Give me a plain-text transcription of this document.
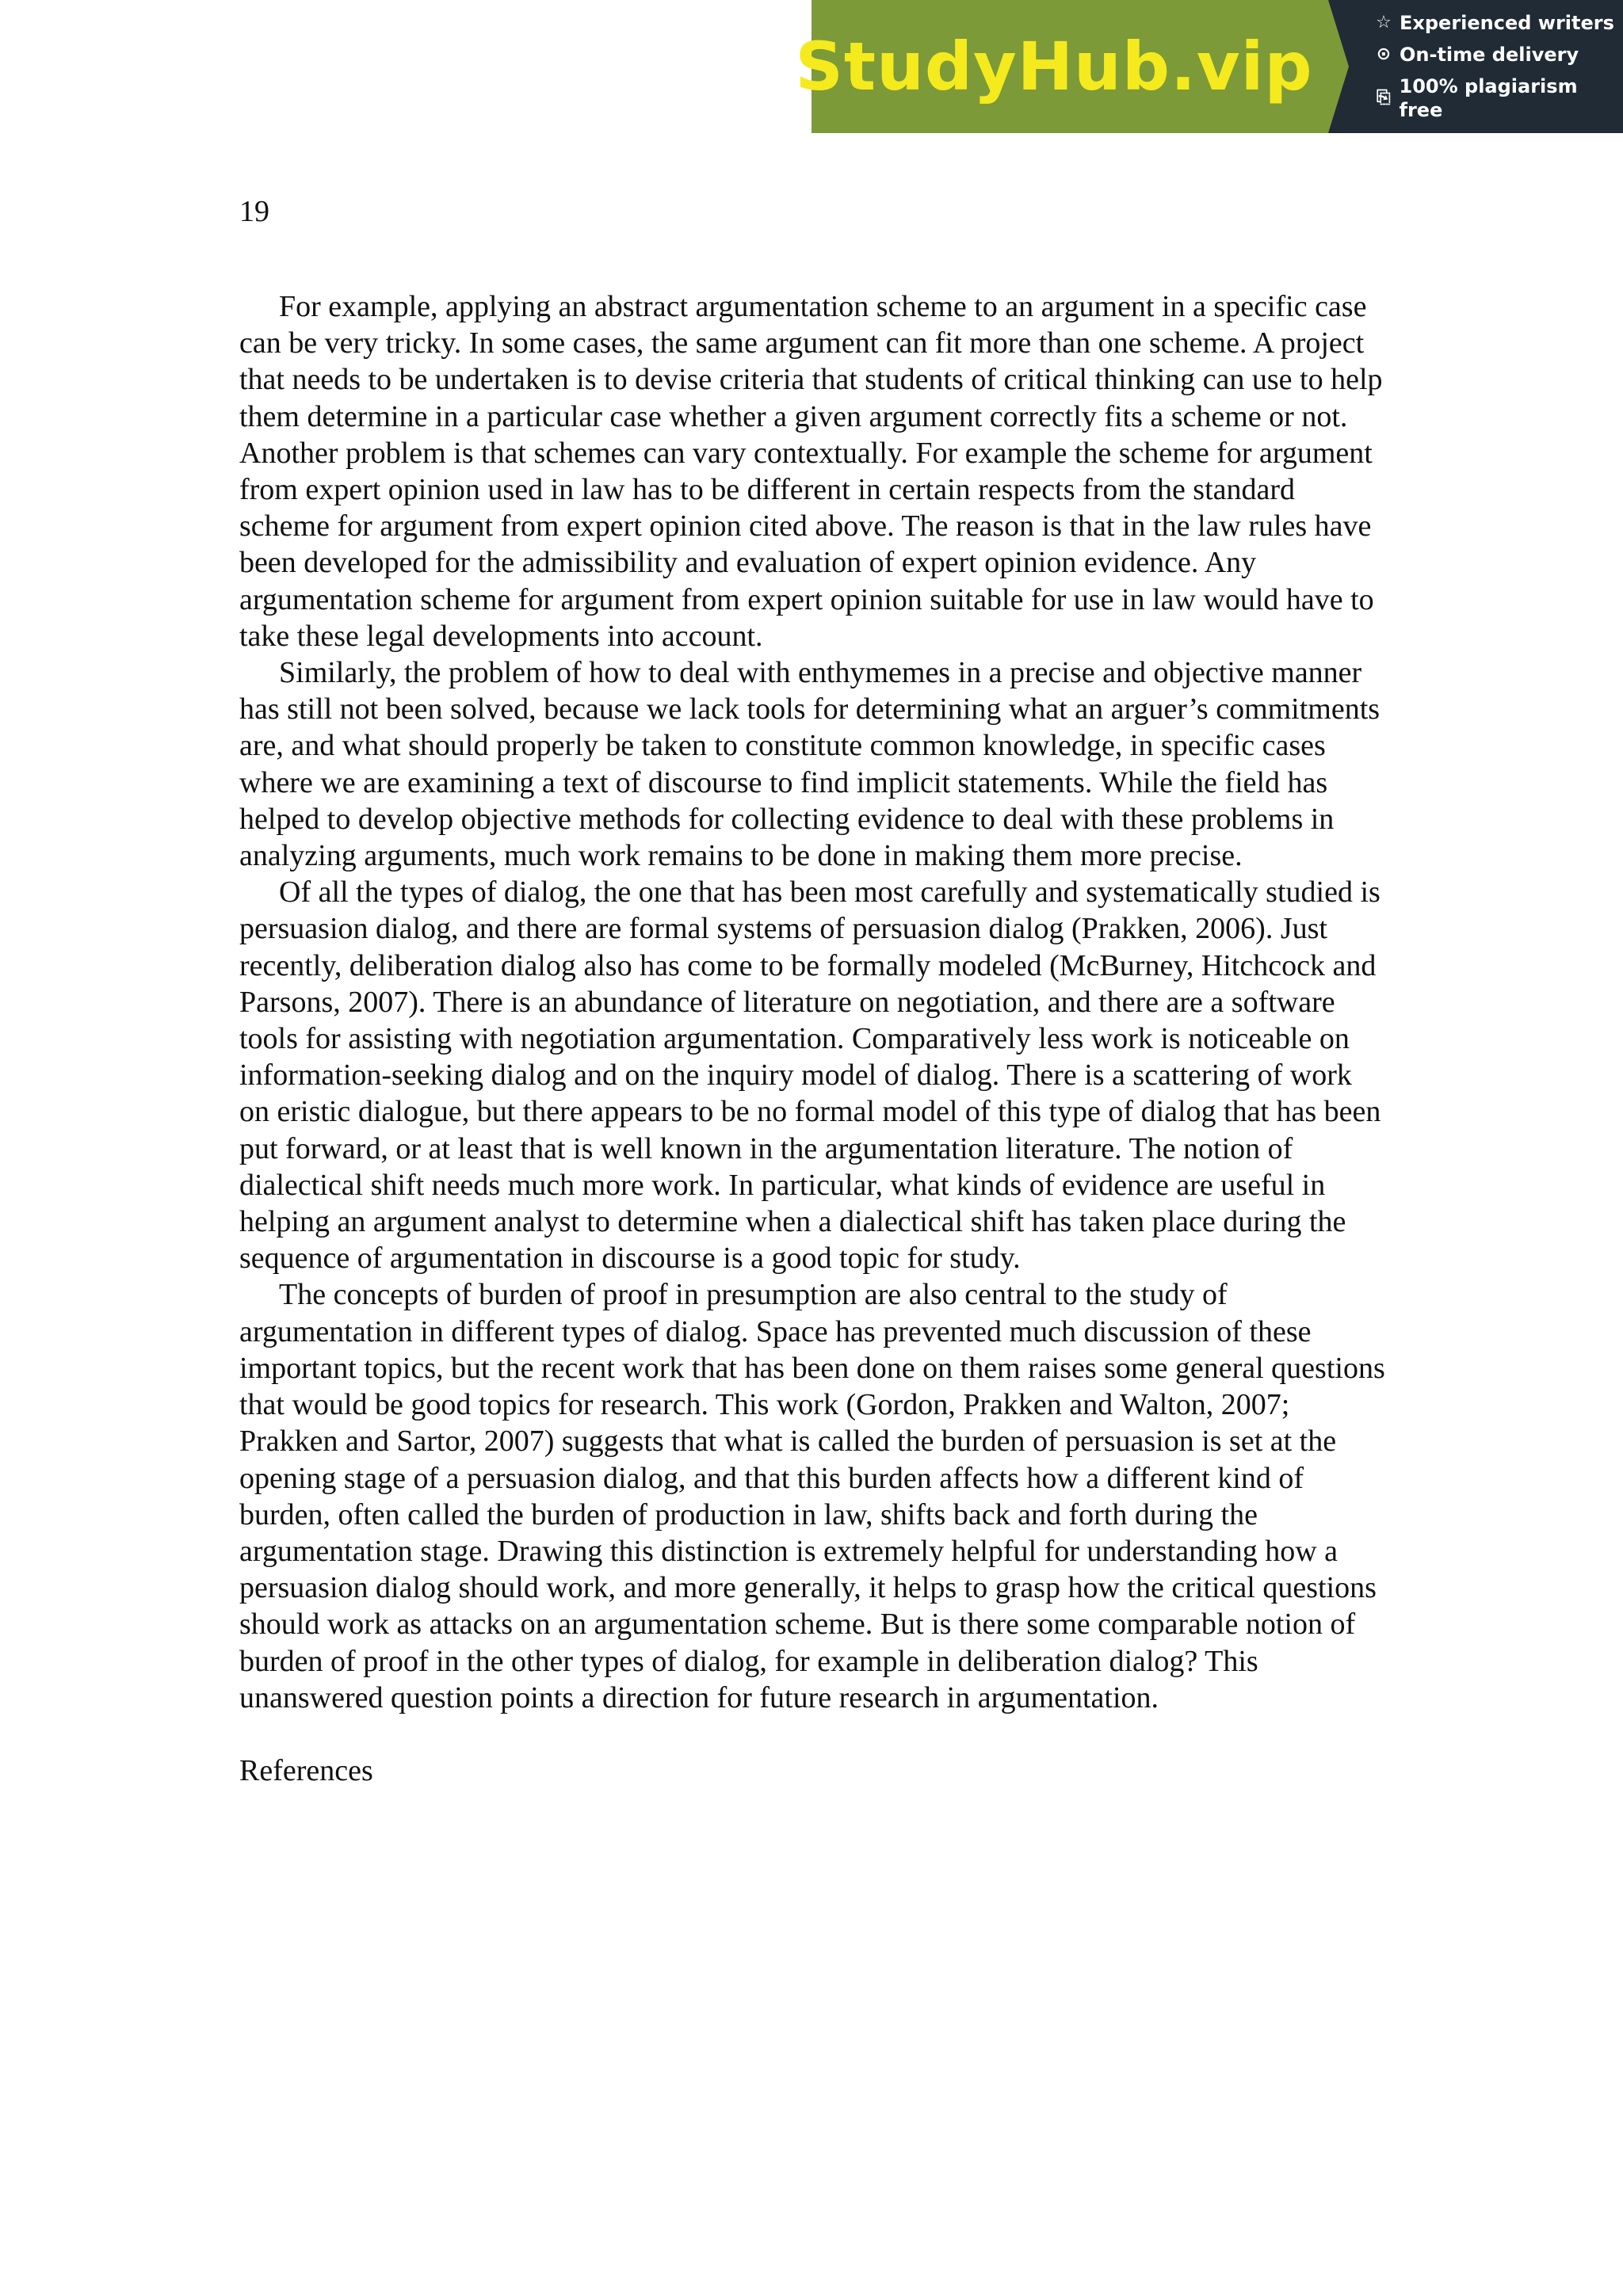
StudyHub.vip
☆ Experienced writers
⊙ On-time delivery
⎘
100% plagiarism free
19

For example, applying an abstract argumentation scheme to an argument in a specific case can be very tricky. In some cases, the same argument can fit more than one scheme. A project that needs to be undertaken is to devise criteria that students of critical thinking can use to help them determine in a particular case whether a given argument correctly fits a scheme or not. Another problem is that schemes can vary contextually. For example the scheme for argument from expert opinion used in law has to be different in certain respects from the standard scheme for argument from expert opinion cited above. The reason is that in the law rules have been developed for the admissibility and evaluation of expert opinion evidence. Any argumentation scheme for argument from expert opinion suitable for use in law would have to take these legal developments into account.

Similarly, the problem of how to deal with enthymemes in a precise and objective manner has still not been solved, because we lack tools for determining what an arguer’s commitments are, and what should properly be taken to constitute common knowledge, in specific cases where we are examining a text of discourse to find implicit statements. While the field has helped to develop objective methods for collecting evidence to deal with these problems in analyzing arguments, much work remains to be done in making them more precise.

Of all the types of dialog, the one that has been most carefully and systematically studied is persuasion dialog, and there are formal systems of persuasion dialog (Prakken, 2006). Just recently, deliberation dialog also has come to be formally modeled (McBurney, Hitchcock and Parsons, 2007). There is an abundance of literature on negotiation, and there are a software tools for assisting with negotiation argumentation. Comparatively less work is noticeable on information-seeking dialog and on the inquiry model of dialog. There is a scattering of work on eristic dialogue, but there appears to be no formal model of this type of dialog that has been put forward, or at least that is well known in the argumentation literature. The notion of dialectical shift needs much more work. In particular, what kinds of evidence are useful in helping an argument analyst to determine when a dialectical shift has taken place during the sequence of argumentation in discourse is a good topic for study.

The concepts of burden of proof in presumption are also central to the study of argumentation in different types of dialog. Space has prevented much discussion of these important topics, but the recent work that has been done on them raises some general questions that would be good topics for research. This work (Gordon, Prakken and Walton, 2007; Prakken and Sartor, 2007) suggests that what is called the burden of persuasion is set at the opening stage of a persuasion dialog, and that this burden affects how a different kind of burden, often called the burden of production in law, shifts back and forth during the argumentation stage. Drawing this distinction is extremely helpful for understanding how a persuasion dialog should work, and more generally, it helps to grasp how the critical questions should work as attacks on an argumentation scheme. But is there some comparable notion of burden of proof in the other types of dialog, for example in deliberation dialog? This unanswered question points a direction for future research in argumentation.

References
